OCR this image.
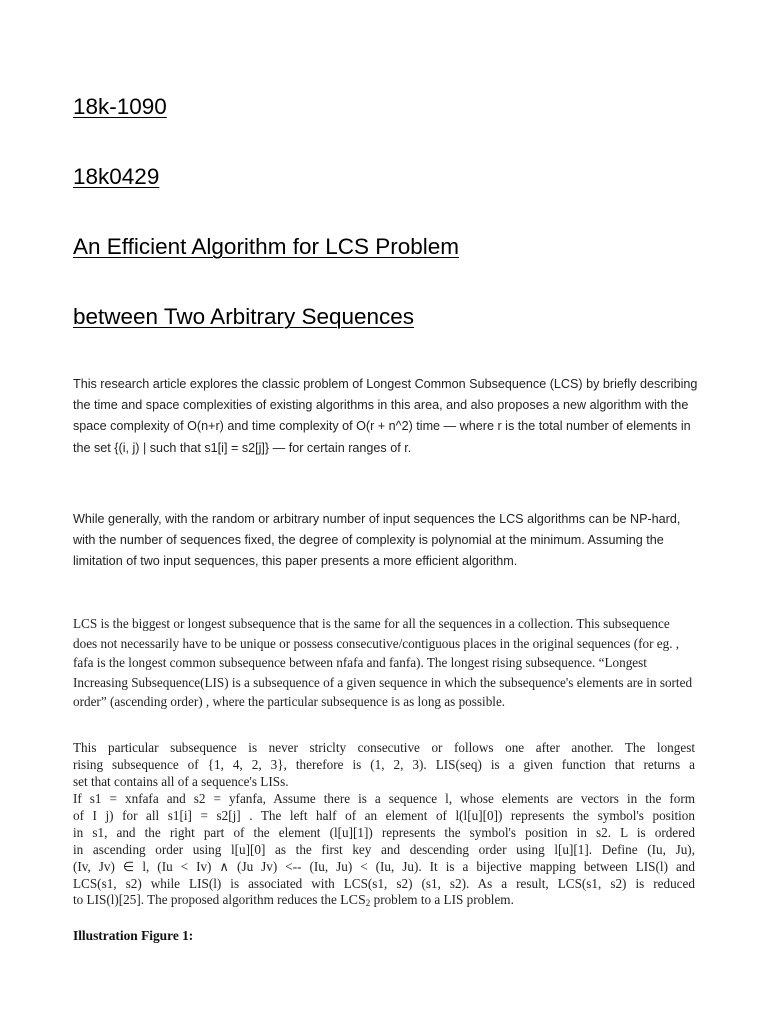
18k-1090
18k0429
An Efficient Algorithm for LCS Problem
between Two Arbitrary Sequences

This research article explores the classic problem of Longest Common Subsequence (LCS) by briefly describing the time and space complexities of existing algorithms in this area, and also proposes a new algorithm with the space complexity of O(n+r) and time complexity of O(r + n^2) time — where r is the total number of elements in the set {(i, j) | such that s1[i] = s2[j]} — for certain ranges of r.

While generally, with the random or arbitrary number of input sequences the LCS algorithms can be NP-hard, with the number of sequences fixed, the degree of complexity is polynomial at the minimum. Assuming the limitation of two input sequences, this paper presents a more efficient algorithm.

LCS is the biggest or longest subsequence that is the same for all the sequences in a collection. This subsequence does not necessarily have to be unique or possess consecutive/contiguous places in the original sequences (for eg. , fafa is the longest common subsequence between nfafa and fanfa). The longest rising subsequence. “Longest Increasing Subsequence(LIS) is a subsequence of a given sequence in which the subsequence's elements are in sorted order” (ascending order) , where the particular subsequence is as long as possible.

This particular subsequence is never striclty consecutive or follows one after another. The longest
rising subsequence of {1, 4, 2, 3}, therefore is (1, 2, 3). LIS(seq) is a given function that returns a
set that contains all of a sequence's LISs.

If s1 = xnfafa and s2 = yfanfa, Assume there is a sequence l, whose elements are vectors in the form
of I j) for all s1[i] = s2[j] . The left half of an element of l(l[u][0]) represents the symbol's position
in s1, and the right part of the element (l[u][1]) represents the symbol's position in s2. L is ordered
in ascending order using l[u][0] as the first key and descending order using l[u][1]. Define (Iu, Ju),
(Iv, Jv) ∈ l, (Iu < Iv) ∧ (Ju Jv) <-- (Iu, Ju) < (Iu, Ju). It is a bijective mapping between LIS(l) and
LCS(s1, s2) while LIS(l) is associated with LCS(s1, s2) (s1, s2). As a result, LCS(s1, s2) is reduced
to LIS(l)[25]. The proposed algorithm reduces the LCS2 problem to a LIS problem.

Illustration Figure 1:
